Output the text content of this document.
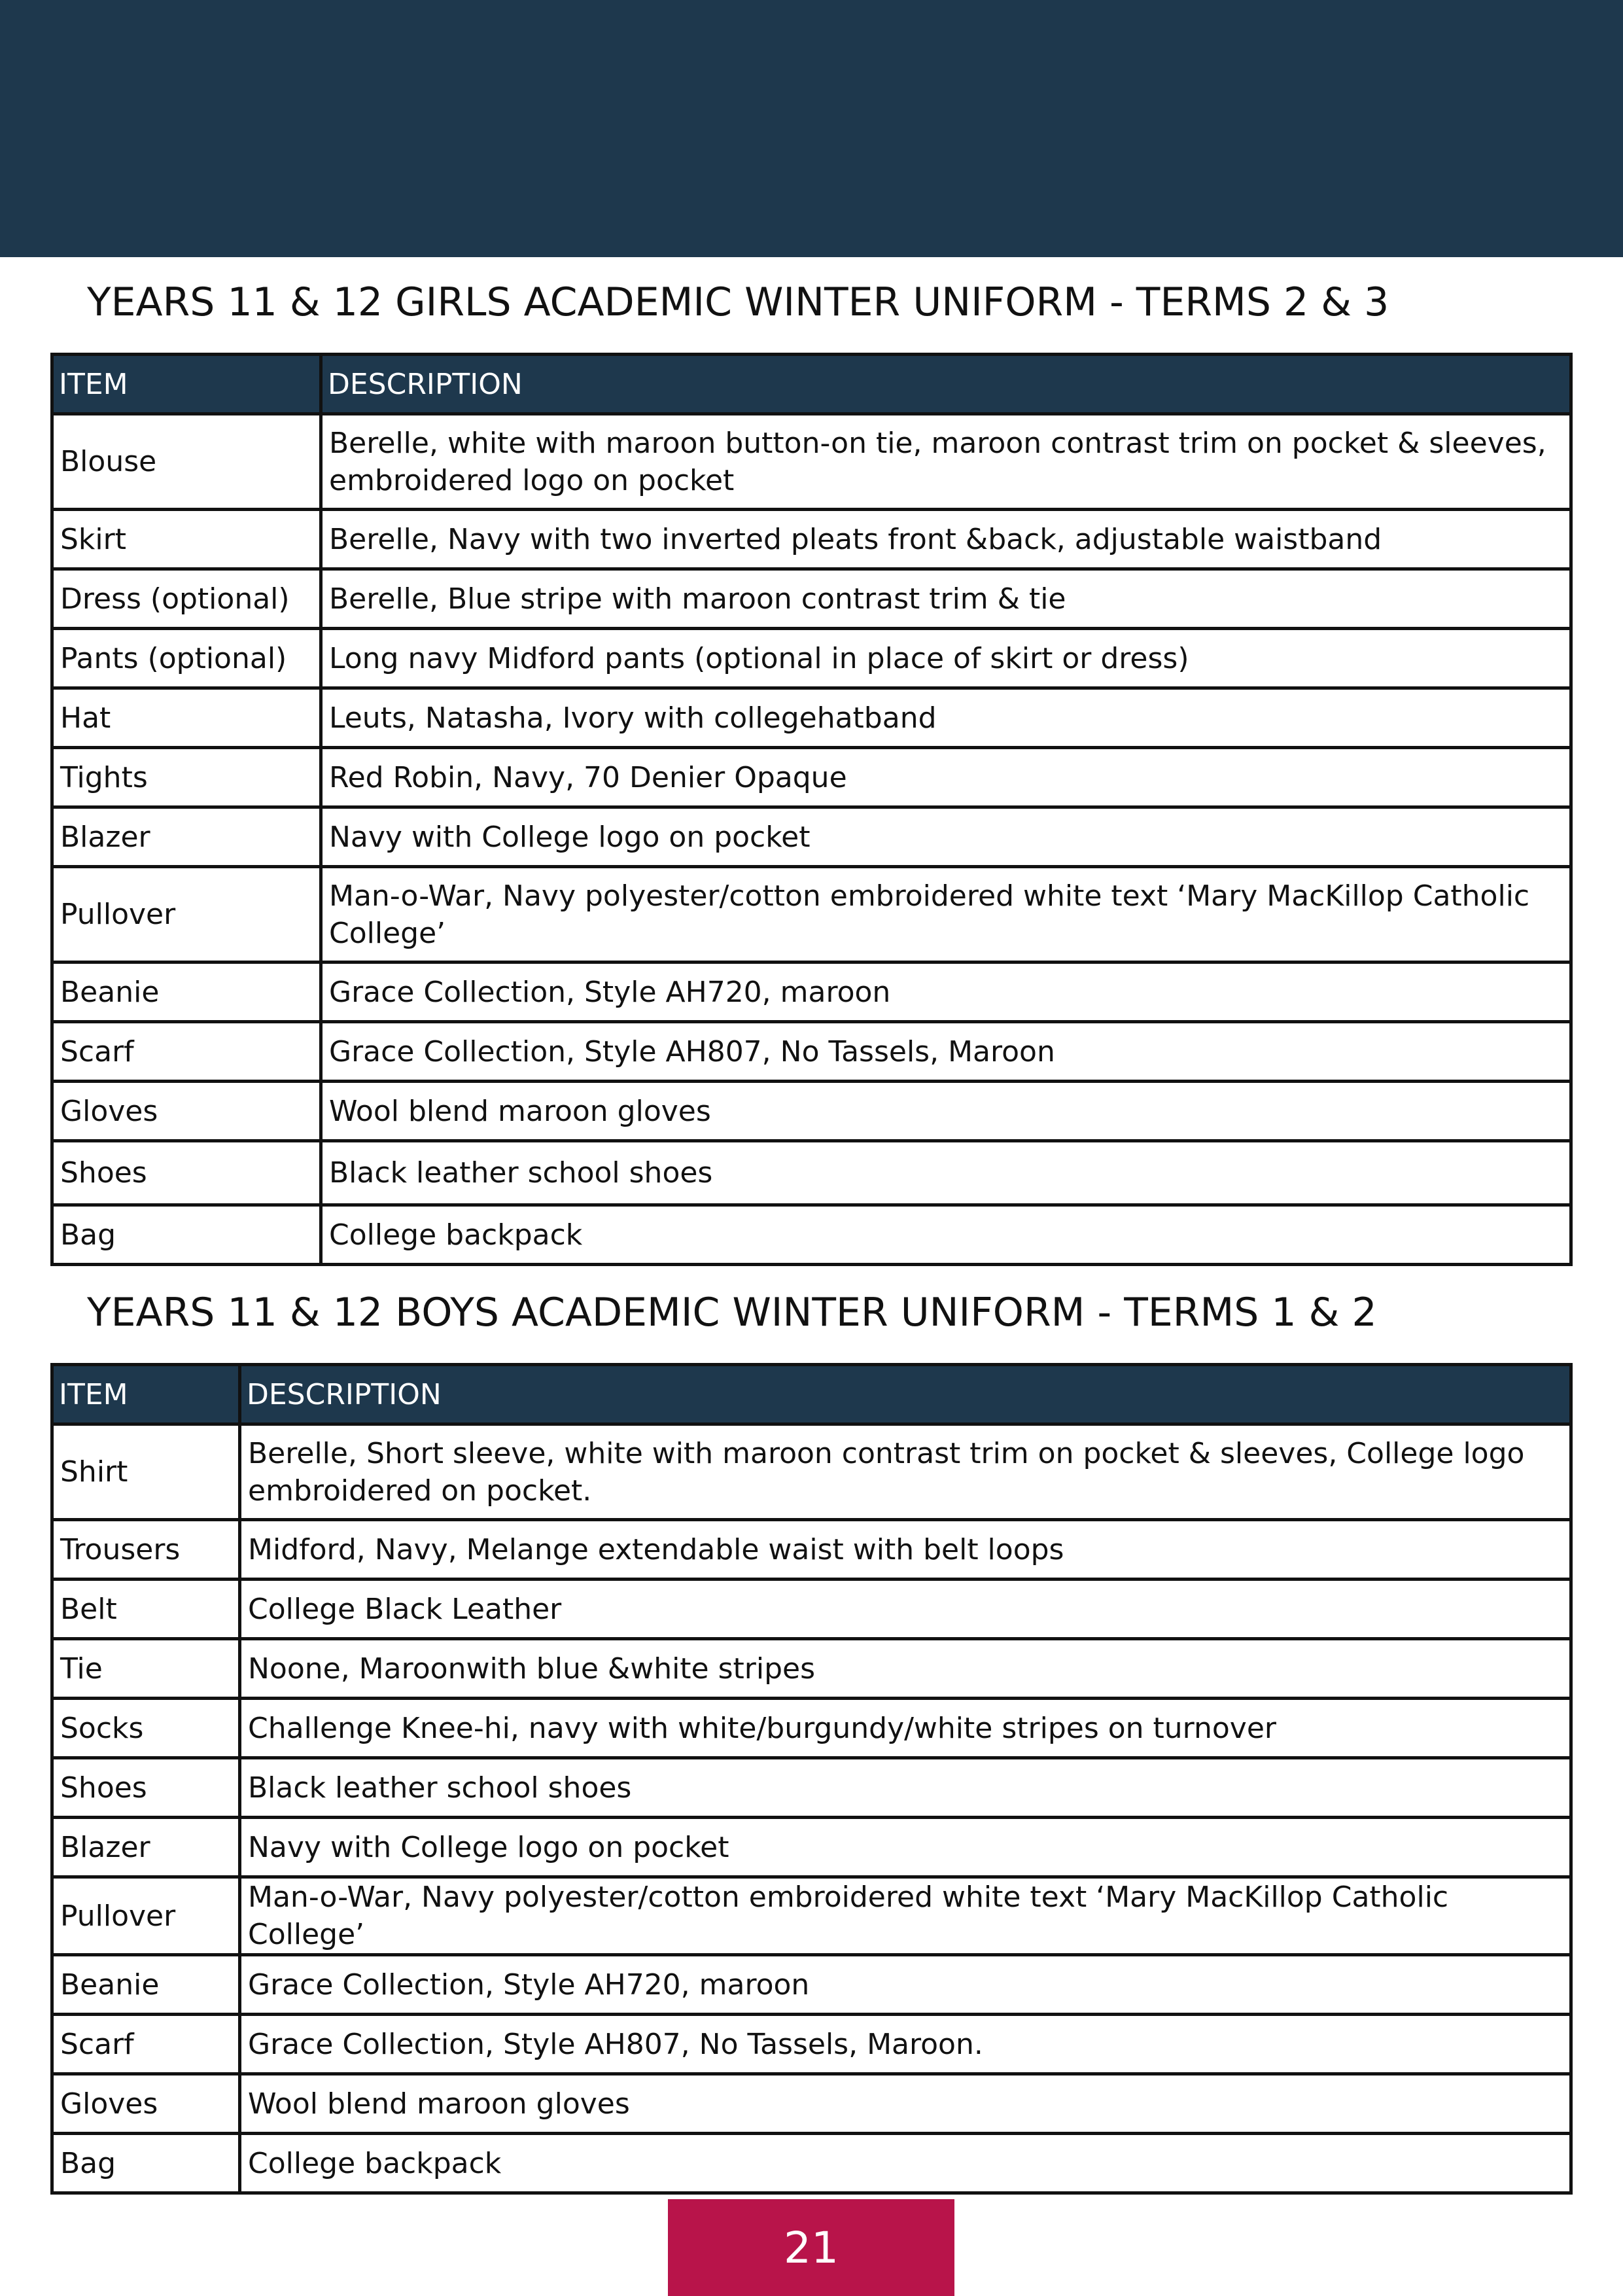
YEARS 11 & 12 GIRLS ACADEMIC WINTER UNIFORM - TERMS 2 & 3
ITEM	DESCRIPTION
Blouse	Berelle, white with maroon button-on tie, maroon contrast trim on pocket & sleeves, embroidered logo on pocket
Skirt	Berelle, Navy with two inverted pleats front &back, adjustable waistband
Dress (optional)	Berelle, Blue stripe with maroon contrast trim & tie
Pants (optional)	Long navy Midford pants (optional in place of skirt or dress)
Hat	Leuts, Natasha, Ivory with collegehatband
Tights	Red Robin, Navy, 70 Denier Opaque
Blazer	Navy with College logo on pocket
Pullover	Man-o-War, Navy polyester/cotton embroidered white text ‘Mary MacKillop Catholic College’
Beanie	Grace Collection, Style AH720, maroon
Scarf	Grace Collection, Style AH807, No Tassels, Maroon
Gloves	Wool blend maroon gloves
Shoes	Black leather school shoes
Bag	College backpack
YEARS 11 & 12 BOYS ACADEMIC WINTER UNIFORM - TERMS 1 & 2
ITEM	DESCRIPTION
Shirt	Berelle, Short sleeve, white with maroon contrast trim on pocket & sleeves, College logo embroidered on pocket.
Trousers	Midford, Navy, Melange extendable waist with belt loops
Belt	College Black Leather
Tie	Noone, Maroonwith blue &white stripes
Socks	Challenge Knee-hi, navy with white/burgundy/white stripes on turnover
Shoes	Black leather school shoes
Blazer	Navy with College logo on pocket
Pullover	Man-o-War, Navy polyester/cotton embroidered white text ‘Mary MacKillop Catholic College’
Beanie	Grace Collection, Style AH720, maroon
Scarf	Grace Collection, Style AH807, No Tassels, Maroon.
Gloves	Wool blend maroon gloves
Bag	College backpack
21
